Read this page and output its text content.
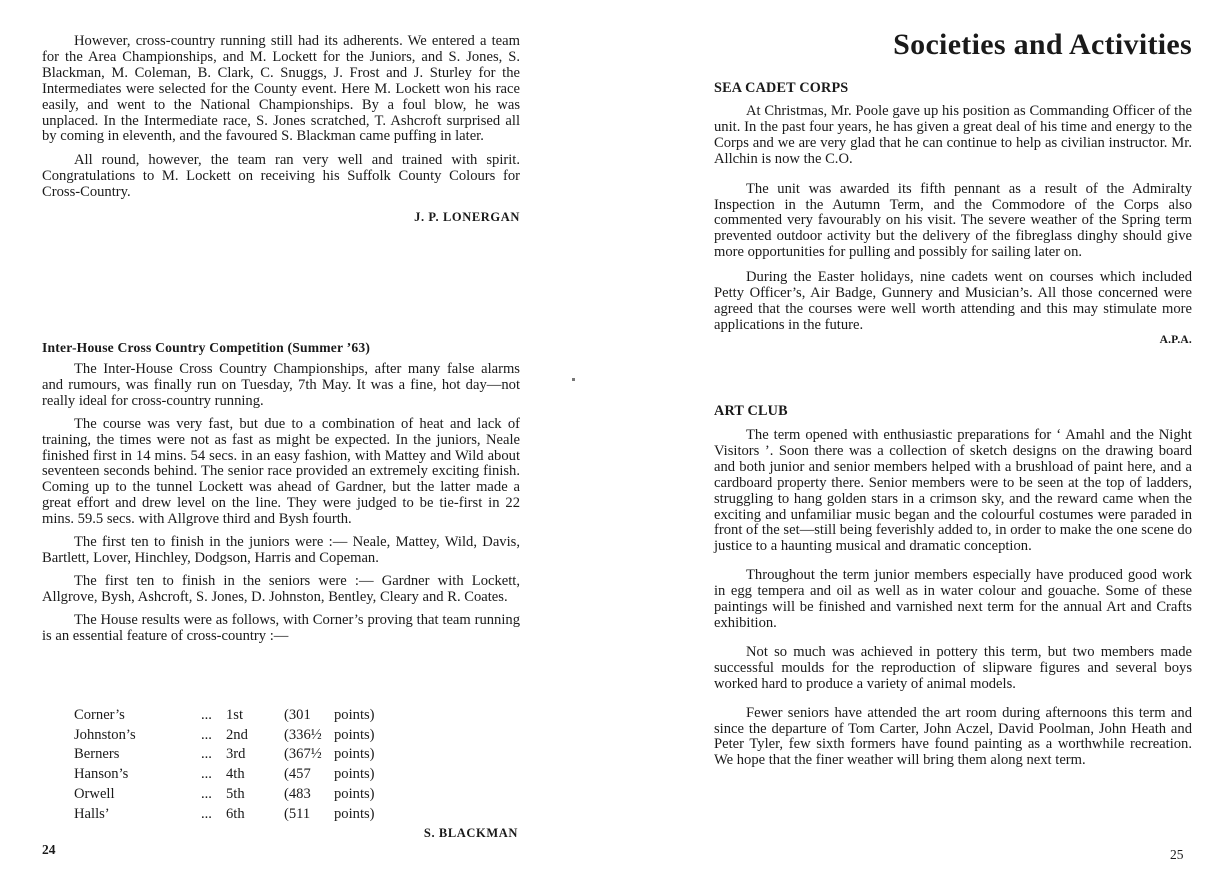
However, cross-country running still had its adherents. We entered a team for the Area Championships, and M. Lockett for the Juniors, and S. Jones, S. Blackman, M. Coleman, B. Clark, C. Snuggs, J. Frost and J. Sturley for the Intermediates were selected for the County event. Here M. Lockett won his race easily, and went to the National Championships. By a foul blow, he was unplaced. In the Intermediate race, S. Jones scratched, T. Ashcroft surprised all by coming in eleventh, and the favoured S. Blackman came puffing in later.

All round, however, the team ran very well and trained with spirit. Congratulations to M. Lockett on receiving his Suffolk County Colours for Cross-Country.

J. P. LONERGAN
Inter-House Cross Country Competition (Summer ’63)

The Inter-House Cross Country Championships, after many false alarms and rumours, was finally run on Tuesday, 7th May. It was a fine, hot day—not really ideal for cross-country running.

The course was very fast, but due to a combination of heat and lack of training, the times were not as fast as might be expected. In the juniors, Neale finished first in 14 mins. 54 secs. in an easy fashion, with Mattey and Wild about seventeen seconds behind. The senior race provided an extremely exciting finish. Coming up to the tunnel Lockett was ahead of Gardner, but the latter made a great effort and drew level on the line. They were judged to be tie-first in 22 mins. 59.5 secs. with Allgrove third and Bysh fourth.

The first ten to finish in the juniors were :— Neale, Mattey, Wild, Davis, Bartlett, Lover, Hinchley, Dodgson, Harris and Copeman.

The first ten to finish in the seniors were :— Gardner with Lockett, Allgrove, Bysh, Ashcroft, S. Jones, D. Johnston, Bentley, Cleary and R. Coates.

The House results were as follows, with Corner’s proving that team running is an essential feature of cross-country :—

Corner’s	... 1st	(301	points)
Johnston’s	... 2nd	(336½ points)
Berners	... 3rd	(367½ points)
Hanson’s	... 4th	(457	points)
Orwell	... 5th	(483	points)
Halls’	... 6th	(511	points)
S. BLACKMAN
24
Societies and Activities
SEA CADET CORPS

At Christmas, Mr. Poole gave up his position as Commanding Officer of the unit. In the past four years, he has given a great deal of his time and energy to the Corps and we are very glad that he can continue to help as civilian instructor. Mr. Allchin is now the C.O.

The unit was awarded its fifth pennant as a result of the Admiralty Inspection in the Autumn Term, and the Commodore of the Corps also commented very favourably on his visit. The severe weather of the Spring term prevented outdoor activity but the delivery of the fibreglass dinghy should give more opportunities for pulling and possibly for sailing later on.

During the Easter holidays, nine cadets went on courses which included Petty Officer’s, Air Badge, Gunnery and Musician’s. All those concerned were agreed that the courses were well worth attending and this may stimulate more applications in the future.

A.P.A.
ART CLUB

The term opened with enthusiastic preparations for ‘ Amahl and the Night Visitors ’. Soon there was a collection of sketch designs on the drawing board and both junior and senior members helped with a brushload of paint here, and a cardboard property there. Senior members were to be seen at the top of ladders, struggling to hang golden stars in a crimson sky, and the reward came when the exciting and unfamiliar music began and the colourful costumes were paraded in front of the set—still being feverishly added to, in order to make the one scene do justice to a haunting musical and dramatic conception.

Throughout the term junior members especially have produced good work in egg tempera and oil as well as in water colour and gouache. Some of these paintings will be finished and varnished next term for the annual Art and Crafts exhibition.

Not so much was achieved in pottery this term, but two members made successful moulds for the reproduction of slipware figures and several boys worked hard to produce a variety of animal models.

Fewer seniors have attended the art room during afternoons this term and since the departure of Tom Carter, John Aczel, David Poolman, John Heath and Peter Tyler, few sixth formers have found painting as a worthwhile recreation. We hope that the finer weather will bring them along next term.

25
